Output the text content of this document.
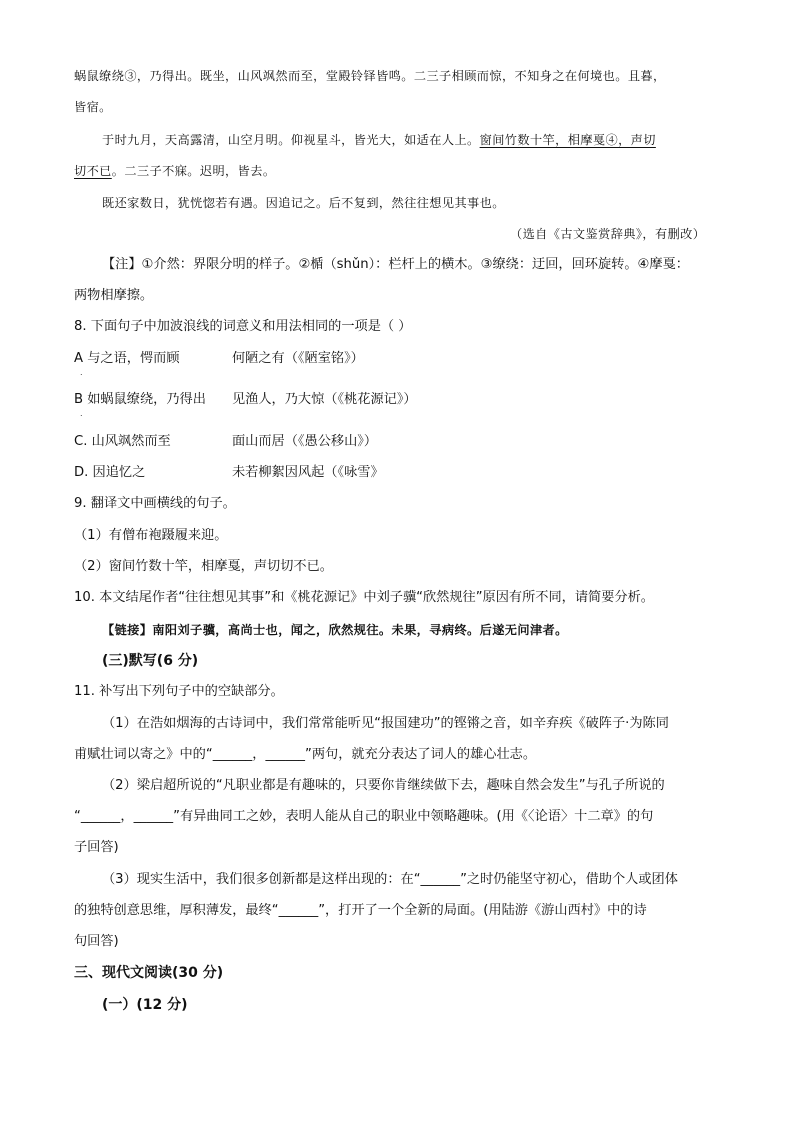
蜗鼠缭绕③，乃得出。既坐，山风飒然而至，堂殿铃铎皆鸣。二三子相顾而惊，不知身之在何境也。且暮，
皆宿。
于时九月，天高露清，山空月明。仰视星斗，皆光大，如适在人上。窗间竹数十竿，相摩戛④，声切
切不已。二三子不寐。迟明，皆去。
既还家数日，犹恍惚若有遇。因追记之。后不复到，然往往想见其事也。
（选自《古文鉴赏辞典》，有删改）
【注】①介然：界限分明的样子。②楯（shǔn）：栏杆上的横木。③缭绕：迂回，回环旋转。④摩戛：
两物相摩擦。
8. 下面句子中加波浪线的词意义和用法相同的一项是（ ）
A 与之语，愕而顾	何陋之有（《陋室铭》）
.
B 如蜗鼠缭绕，乃得出 见渔人，乃大惊（《桃花源记》）
.
C. 山风飒然而至	面山而居（《愚公移山》）
D. 因追忆之	未若柳絮因风起（《咏雪》
9. 翻译文中画横线的句子。
（1）有僧布袍蹑履来迎。
（2）窗间竹数十竿，相摩戛，声切切不已。
10. 本文结尾作者“往往想见其事”和《桃花源记》中刘子骥“欣然规往”原因有所不同，请简要分析。
【链接】南阳刘子骥，高尚士也，闻之，欣然规往。未果，寻病终。后遂无问津者。
(三)默写(6 分)
11. 补写出下列句子中的空缺部分。
（1）在浩如烟海的古诗词中，我们常常能听见“报国建功”的铿锵之音，如辛弃疾《破阵子·为陈同
甫赋壮词以寄之》中的“______，______”两句，就充分表达了词人的雄心壮志。
（2）梁启超所说的“凡职业都是有趣味的，只要你肯继续做下去，趣味自然会发生”与孔子所说的
“______，______”有异曲同工之妙，表明人能从自己的职业中领略趣味。(用《〈论语〉十二章》的句
子回答)
（3）现实生活中，我们很多创新都是这样出现的：在“______”之时仍能坚守初心，借助个人或团体
的独特创意思维，厚积薄发，最终“______”，打开了一个全新的局面。(用陆游《游山西村》中的诗
句回答)
三、现代文阅读(30 分)
(一）(12 分)
